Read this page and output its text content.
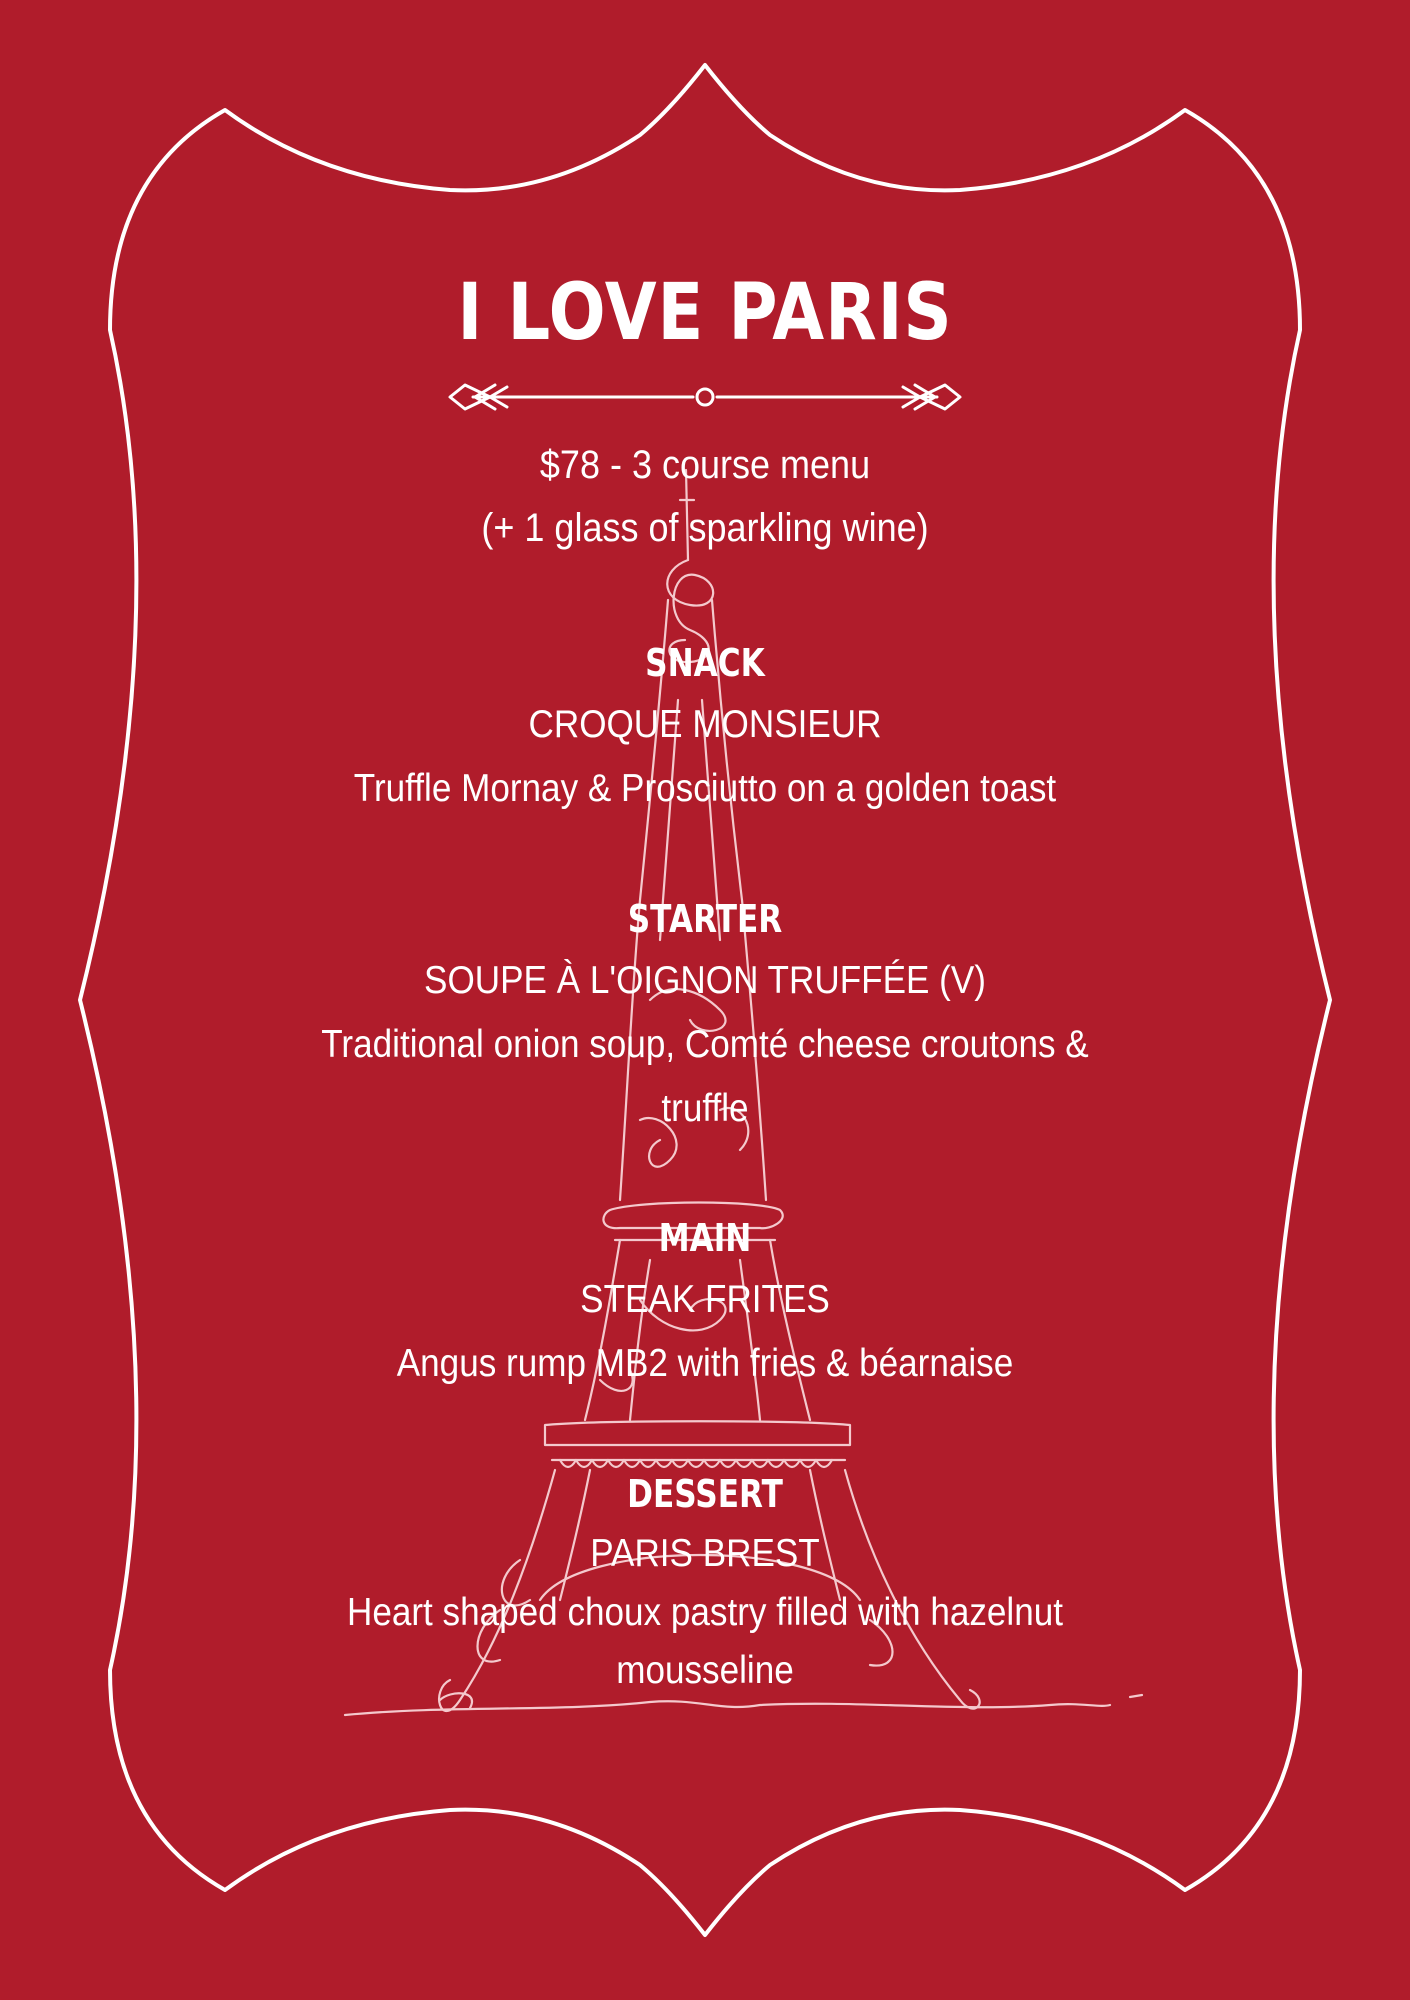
I LOVE PARIS
$78 - 3 course menu
(+ 1 glass of sparkling wine)
SNACK
CROQUE MONSIEUR
Truffle Mornay & Prosciutto on a golden toast
STARTER
SOUPE À L'OIGNON TRUFFÉE (V)
Traditional onion soup, Comté cheese croutons &
truffle
MAIN
STEAK FRITES
Angus rump MB2 with fries & béarnaise
DESSERT
PARIS BREST
Heart shaped choux pastry filled with hazelnut
mousseline
